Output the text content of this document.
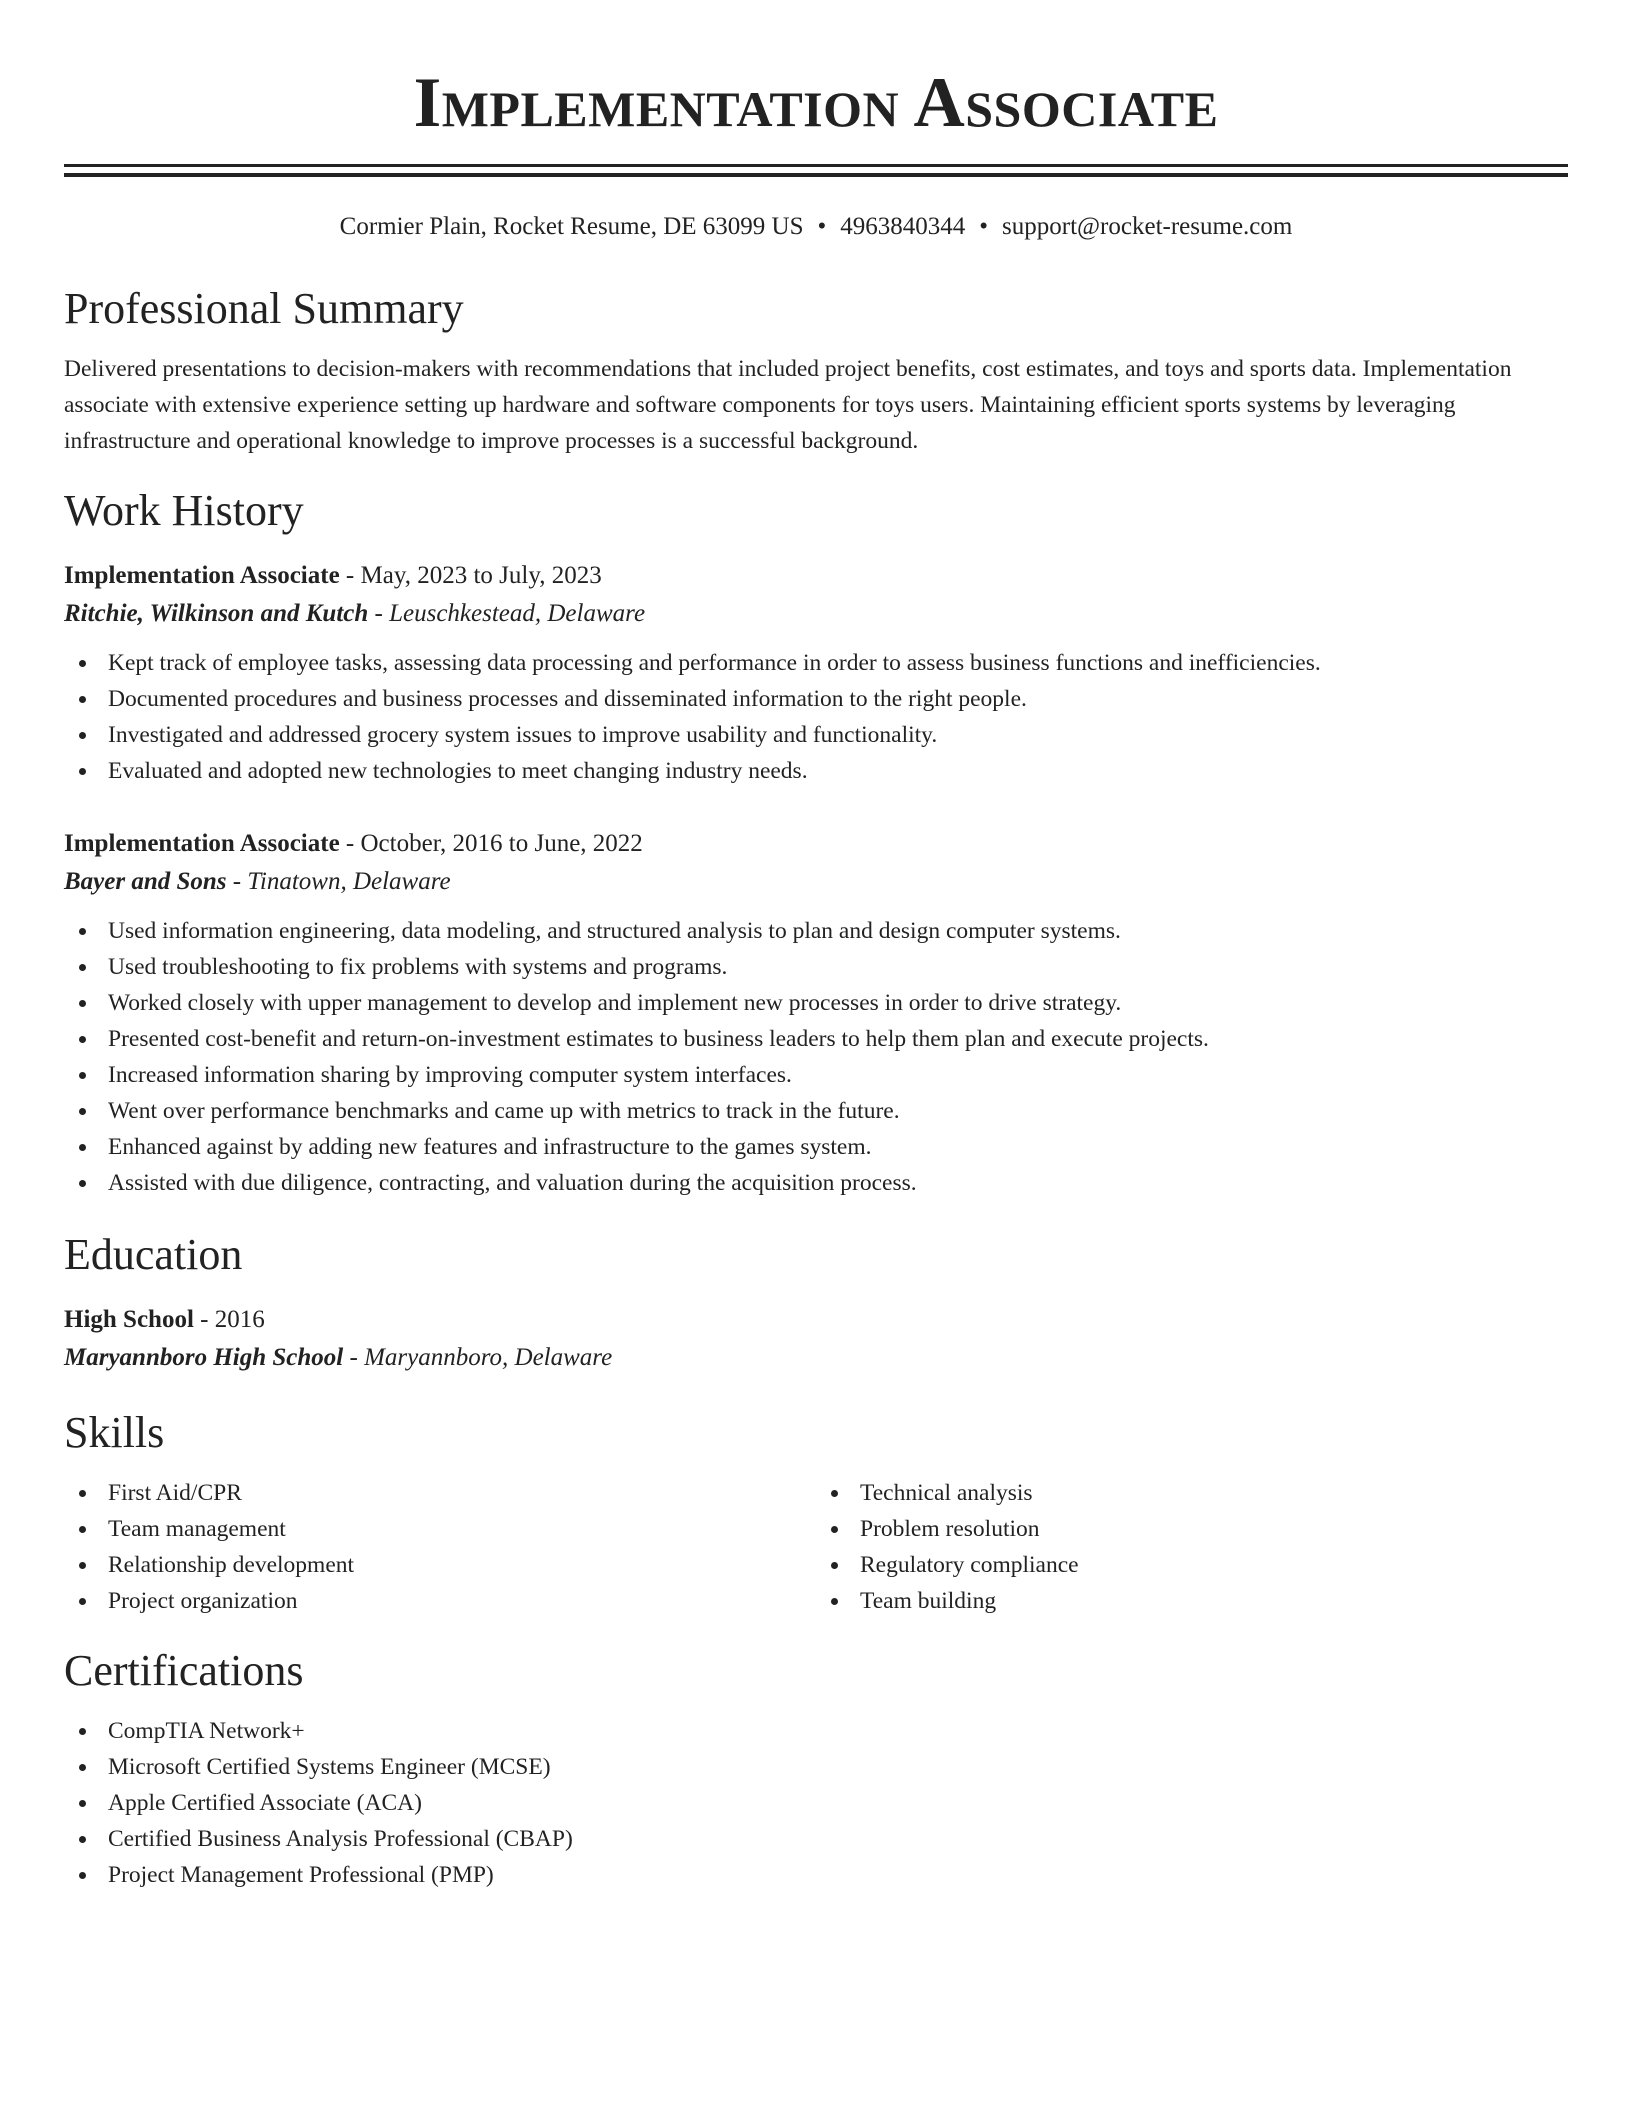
Implementation Associate
Cormier Plain, Rocket Resume, DE 63099 US • 4963840344 • support@rocket-resume.com
Professional Summary
Delivered presentations to decision-makers with recommendations that included project benefits, cost estimates, and toys and sports data. Implementation associate with extensive experience setting up hardware and software components for toys users. Maintaining efficient sports systems by leveraging infrastructure and operational knowledge to improve processes is a successful background.
Work History
Implementation Associate - May, 2023 to July, 2023
Ritchie, Wilkinson and Kutch - Leuschkestead, Delaware
Kept track of employee tasks, assessing data processing and performance in order to assess business functions and inefficiencies.
Documented procedures and business processes and disseminated information to the right people.
Investigated and addressed grocery system issues to improve usability and functionality.
Evaluated and adopted new technologies to meet changing industry needs.
Implementation Associate - October, 2016 to June, 2022
Bayer and Sons - Tinatown, Delaware
Used information engineering, data modeling, and structured analysis to plan and design computer systems.
Used troubleshooting to fix problems with systems and programs.
Worked closely with upper management to develop and implement new processes in order to drive strategy.
Presented cost-benefit and return-on-investment estimates to business leaders to help them plan and execute projects.
Increased information sharing by improving computer system interfaces.
Went over performance benchmarks and came up with metrics to track in the future.
Enhanced against by adding new features and infrastructure to the games system.
Assisted with due diligence, contracting, and valuation during the acquisition process.
Education
High School - 2016
Maryannboro High School - Maryannboro, Delaware
Skills
First Aid/CPR
Team management
Relationship development
Project organization
Technical analysis
Problem resolution
Regulatory compliance
Team building
Certifications
CompTIA Network+
Microsoft Certified Systems Engineer (MCSE)
Apple Certified Associate (ACA)
Certified Business Analysis Professional (CBAP)
Project Management Professional (PMP)
